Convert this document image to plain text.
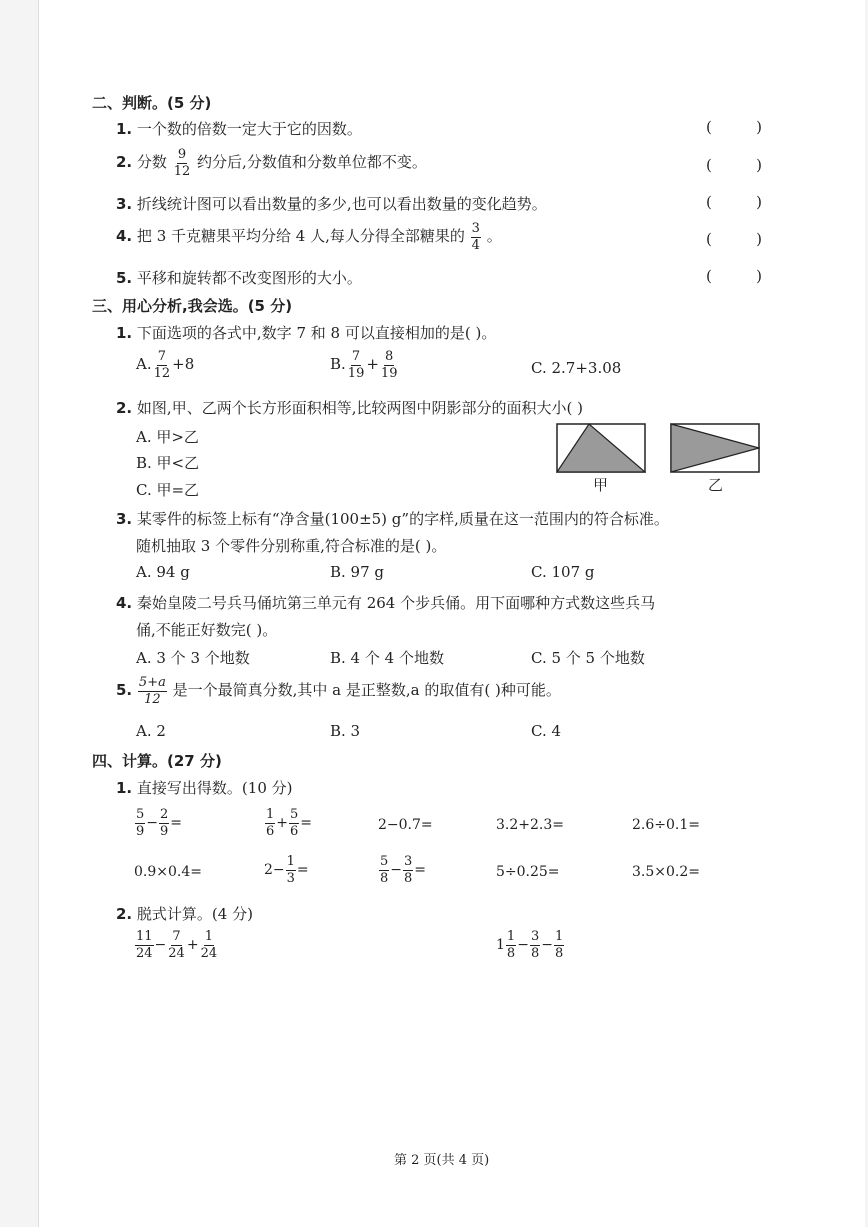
二、判断。(5 分)
1. 一个数的倍数一定大于它的因数。	(	)
2. 分数 $\frac{9}{12}$ 约分后,分数值和分数单位都不变。	(	)
3. 折线统计图可以看出数量的多少,也可以看出数量的变化趋势。	(	)
4. 把 3 千克糖果平均分给 4 人,每人分得全部糖果的 $\frac{3}{4}$ 。	(	)
5. 平移和旋转都不改变图形的大小。	(	)
三、用心分析,我会选。(5 分)
1. 下面选项的各式中,数字 7 和 8 可以直接相加的是( )。
A. $\frac{7}{12} +8$	B. $\frac{7}{19} + \frac{8}{19}$	C. 2.7+3.08
2. 如图,甲、乙两个长方形面积相等,比较两图中阴影部分的面积大小( )
A. 甲>乙
B. 甲<乙
C. 甲=乙	甲	乙
3. 某零件的标签上标有“净含量(100±5) g”的字样,质量在这一范围内的符合标准。
随机抽取 3 个零件分别称重,符合标准的是( )。
A. 94 g	B. 97 g	C. 107 g
4. 秦始皇陵二号兵马俑坑第三单元有 264 个步兵俑。用下面哪种方式数这些兵马
俑,不能正好数完( )。
A. 3 个 3 个地数	B. 4 个 4 个地数	C. 5 个 5 个地数
5. $\frac{5+a}{12}$ 是一个最简真分数,其中 a 是正整数,a 的取值有( )种可能。
A. 2	B. 3	C. 4
四、计算。(27 分)
1. 直接写出得数。(10 分)
$\frac{5}{9} - \frac{2}{9}$ =	$\frac{1}{6} + \frac{5}{6}$ =	2−0.7=	3.2+2.3=	2.6÷0.1=
0.9×0.4=	$2- \frac{1}{3}$ =	$\frac{5}{8} - \frac{3}{8}$ =	5÷0.25=	3.5×0.2=
2. 脱式计算。(4 分)
$\frac{11}{24} - \frac{7}{24} + \frac{1}{24}$	$1 \frac{1}{8} - \frac{3}{8} - \frac{1}{8}$
第 2 页(共 4 页)
